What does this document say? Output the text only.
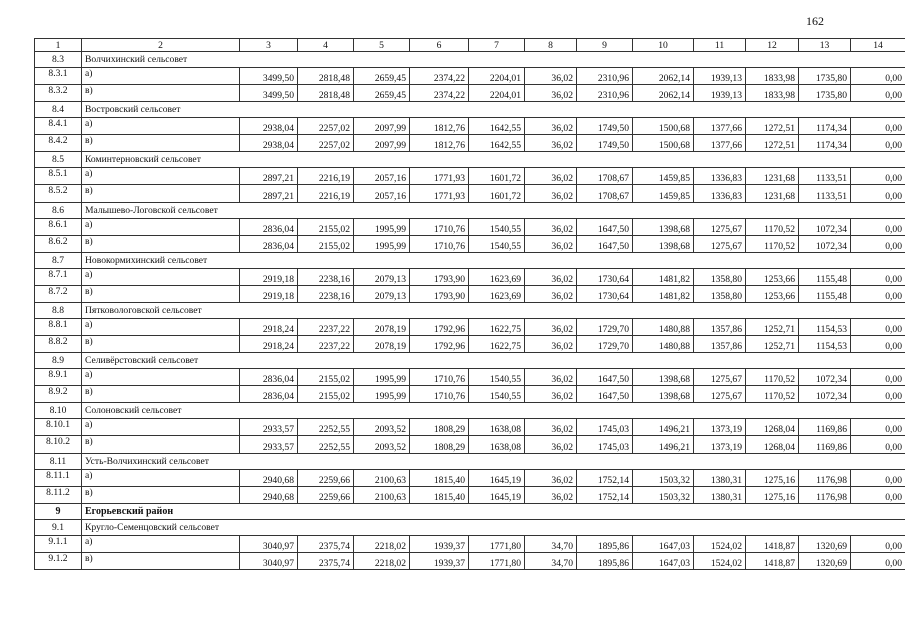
162
1	2	3	4	5	6	7	8	9	10	11	12	13	14
8.3	Волчихинский сельсовет												
8.3.1	а)	3499,50	2818,48	2659,45	2374,22	2204,01	36,02	2310,96	2062,14	1939,13	1833,98	1735,80	0,00
8.3.2	в)	3499,50	2818,48	2659,45	2374,22	2204,01	36,02	2310,96	2062,14	1939,13	1833,98	1735,80	0,00
8.4	Востровский сельсовет												
8.4.1	а)	2938,04	2257,02	2097,99	1812,76	1642,55	36,02	1749,50	1500,68	1377,66	1272,51	1174,34	0,00
8.4.2	в)	2938,04	2257,02	2097,99	1812,76	1642,55	36,02	1749,50	1500,68	1377,66	1272,51	1174,34	0,00
8.5	Коминтерновский сельсовет												
8.5.1	а)	2897,21	2216,19	2057,16	1771,93	1601,72	36,02	1708,67	1459,85	1336,83	1231,68	1133,51	0,00
8.5.2	в)	2897,21	2216,19	2057,16	1771,93	1601,72	36,02	1708,67	1459,85	1336,83	1231,68	1133,51	0,00
8.6	Малышево-Логовской сельсовет												
8.6.1	а)	2836,04	2155,02	1995,99	1710,76	1540,55	36,02	1647,50	1398,68	1275,67	1170,52	1072,34	0,00
8.6.2	в)	2836,04	2155,02	1995,99	1710,76	1540,55	36,02	1647,50	1398,68	1275,67	1170,52	1072,34	0,00
8.7	Новокормихинский сельсовет												
8.7.1	а)	2919,18	2238,16	2079,13	1793,90	1623,69	36,02	1730,64	1481,82	1358,80	1253,66	1155,48	0,00
8.7.2	в)	2919,18	2238,16	2079,13	1793,90	1623,69	36,02	1730,64	1481,82	1358,80	1253,66	1155,48	0,00
8.8	Пятковологовской сельсовет												
8.8.1	а)	2918,24	2237,22	2078,19	1792,96	1622,75	36,02	1729,70	1480,88	1357,86	1252,71	1154,53	0,00
8.8.2	в)	2918,24	2237,22	2078,19	1792,96	1622,75	36,02	1729,70	1480,88	1357,86	1252,71	1154,53	0,00
8.9	Селивёрстовский сельсовет												
8.9.1	а)	2836,04	2155,02	1995,99	1710,76	1540,55	36,02	1647,50	1398,68	1275,67	1170,52	1072,34	0,00
8.9.2	в)	2836,04	2155,02	1995,99	1710,76	1540,55	36,02	1647,50	1398,68	1275,67	1170,52	1072,34	0,00
8.10	Солоновский сельсовет												
8.10.1	а)	2933,57	2252,55	2093,52	1808,29	1638,08	36,02	1745,03	1496,21	1373,19	1268,04	1169,86	0,00
8.10.2	в)	2933,57	2252,55	2093,52	1808,29	1638,08	36,02	1745,03	1496,21	1373,19	1268,04	1169,86	0,00
8.11	Усть-Волчихинский сельсовет												
8.11.1	а)	2940,68	2259,66	2100,63	1815,40	1645,19	36,02	1752,14	1503,32	1380,31	1275,16	1176,98	0,00
8.11.2	в)	2940,68	2259,66	2100,63	1815,40	1645,19	36,02	1752,14	1503,32	1380,31	1275,16	1176,98	0,00
9	Егорьевский район												
9.1	Кругло-Семенцовский сельсовет												
9.1.1	а)	3040,97	2375,74	2218,02	1939,37	1771,80	34,70	1895,86	1647,03	1524,02	1418,87	1320,69	0,00
9.1.2	в)	3040,97	2375,74	2218,02	1939,37	1771,80	34,70	1895,86	1647,03	1524,02	1418,87	1320,69	0,00
